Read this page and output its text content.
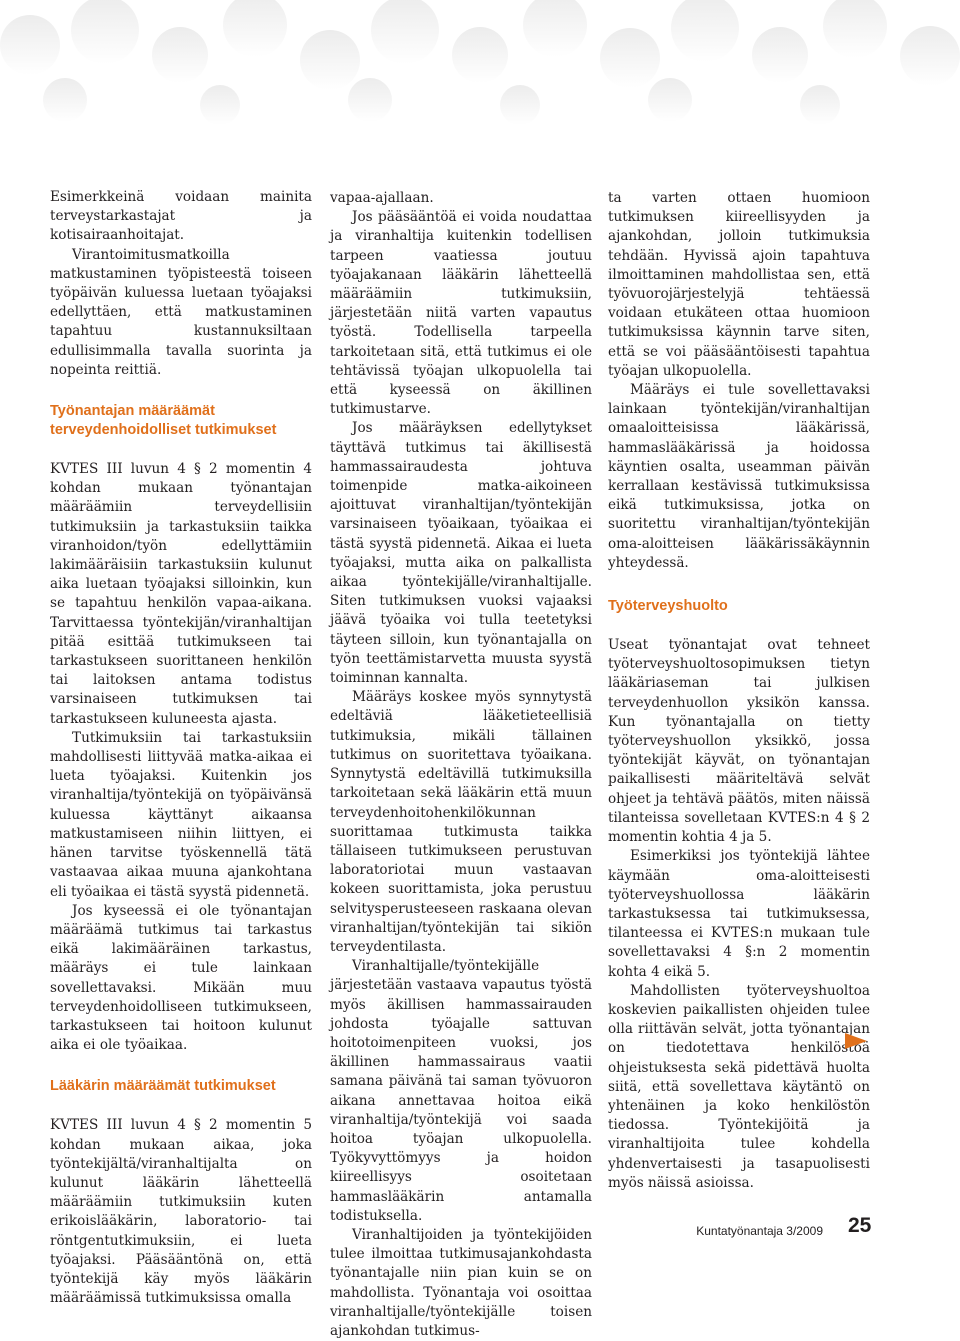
Esimerkkeinä voidaan mainita terveystarkastajat ja kotisairaanhoitajat.

Virantoimitusmatkoilla matkustaminen työpisteestä toiseen työpäivän kuluessa luetaan työajaksi edellyttäen, että matkustaminen tapahtuu kustannuksiltaan edullisimmalla tavalla suorinta ja nopeinta reittiä.

Työnantajan määräämät terveydenhoidolliset tutkimukset

KVTES III luvun 4 § 2 momentin 4 kohdan mukaan työnantajan määräämiin terveydellisiin tutkimuksiin ja tarkastuksiin taikka viranhoidon/työn edellyttämiin lakimääräisiin tarkastuksiin kulunut aika luetaan työajaksi silloinkin, kun se tapahtuu henkilön vapaa-aikana. Tarvittaessa työntekijän/viranhaltijan pitää esittää tutkimukseen tai tarkastukseen suorittaneen henkilön tai laitoksen antama todistus varsinaiseen tutkimuksen tai tarkastukseen kuluneesta ajasta.

Tutkimuksiin tai tarkastuksiin mahdollisesti liittyvää matka-aikaa ei lueta työajaksi. Kuitenkin jos viranhaltija/työntekijä on työpäivänsä kuluessa käyttänyt aikaansa matkustamiseen niihin liittyen, ei hänen tarvitse työskennellä tätä vastaavaa aikaa muuna ajankohtana eli työaikaa ei tästä syystä pidennetä.

Jos kyseessä ei ole työnantajan määräämä tutkimus tai tarkastus eikä lakimääräinen tarkastus, määräys ei tule lainkaan sovellettavaksi. Mikään muu terveydenhoidolliseen tutkimukseen, tarkastukseen tai hoitoon kulunut aika ei ole työaikaa.

Lääkärin määräämät tutkimukset

KVTES III luvun 4 § 2 momentin 5 kohdan mukaan aikaa, joka työntekijältä/viranhaltijalta on kulunut lääkärin lähetteellä määräämiin tutkimuksiin kuten erikoislääkärin, laboratorio- tai röntgentutkimuksiin, ei lueta työajaksi. Pääsääntönä on, että työntekijä käy myös lääkärin määräämissä tutkimuksissa omalla

vapaa-ajallaan.

Jos pääsääntöä ei voida noudattaa ja viranhaltija kuitenkin todellisen tarpeen vaatiessa joutuu työajakanaan lääkärin lähetteellä määräämiin tutkimuksiin, järjestetään niitä varten vapautus työstä. Todellisella tarpeella tarkoitetaan sitä, että tutkimus ei ole tehtävissä työajan ulkopuolella tai että kyseessä on äkillinen tutkimustarve.

Jos määräyksen edellytykset täyttävä tutkimus tai äkillisestä hammassairaudesta johtuva toimenpide matka-aikoineen ajoittuvat viranhaltijan/työntekijän varsinaiseen työaikaan, työaikaa ei tästä syystä pidennetä. Aikaa ei lueta työajaksi, mutta aika on palkallista aikaa työntekijälle/viranhaltijalle. Siten tutkimuksen vuoksi vajaaksi jäävä työaika voi tulla teetetyksi täyteen silloin, kun työnantajalla on työn teettämistarvetta muusta syystä toiminnan kannalta.

Määräys koskee myös synnytystä edeltäviä lääketieteellisiä tutkimuksia, mikäli tällainen tutkimus on suoritettava työaikana. Synnytystä edeltävillä tutkimuksilla tarkoitetaan sekä lääkärin että muun terveydenhoitohenkilökunnan suorittamaa tutkimusta taikka tällaiseen tutkimukseen perustuvan laboratoriotai muun vastaavan kokeen suorittamista, joka perustuu selvitysperusteeseen raskaana olevan viranhaltijan/työntekijän tai sikiön terveydentilasta.

Viranhaltijalle/työntekijälle järjestetään vastaava vapautus työstä myös äkillisen hammassairauden johdosta työajalle sattuvan hoitotoimenpiteen vuoksi, jos äkillinen hammassairaus vaatii samana päivänä tai saman työvuoron aikana annettavaa hoitoa eikä viranhaltija/työntekijä voi saada hoitoa työajan ulkopuolella. Työkyvyttömyys ja hoidon kiireellisyys osoitetaan hammaslääkärin antamalla todistuksella.

Viranhaltijoiden ja työntekijöiden tulee ilmoittaa tutkimusajankohdasta työnantajalle niin pian kuin se on mahdollista. Työnantaja voi osoittaa viranhaltijalle/työntekijälle toisen ajankohdan tutkimus-

ta varten ottaen huomioon tutkimuksen kiireellisyyden ja ajankohdan, jolloin tutkimuksia tehdään. Hyvissä ajoin tapahtuva ilmoittaminen mahdollistaa sen, että työvuorojärjestelyjä tehtäessä voidaan etukäteen ottaa huomioon tutkimuksissa käynnin tarve siten, että se voi pääsääntöisesti tapahtua työajan ulkopuolella.

Määräys ei tule sovellettavaksi lainkaan työntekijän/viranhaltijan omaaloitteisissa lääkärissä, hammaslääkärissä ja hoidossa käyntien osalta, useamman päivän kerrallaan kestävissä tutkimuksissa eikä tutkimuksissa, jotka on suoritettu viranhaltijan/työntekijän oma-aloitteisen lääkärissäkäynnin yhteydessä.

Työterveyshuolto

Useat työnantajat ovat tehneet työterveyshuoltosopimuksen tietyn lääkäriaseman tai julkisen terveydenhuollon yksikön kanssa. Kun työnantajalla on tietty työterveyshuollon yksikkö, jossa työntekijät käyvät, on työnantajan paikallisesti määriteltävä selvät ohjeet ja tehtävä päätös, miten näissä tilanteissa sovelletaan KVTES:n 4 § 2 momentin kohtia 4 ja 5.

Esimerkiksi jos työntekijä lähtee käymään oma-aloitteisesti työterveyshuollossa lääkärin tarkastuksessa tai tutkimuksessa, tilanteessa ei KVTES:n mukaan tule sovellettavaksi 4 §:n 2 momentin kohta 4 eikä 5.

Mahdollisten työterveyshuoltoa koskevien paikallisten ohjeiden tulee olla riittävän selvät, jotta työnantajan on tiedotettava henkilöstöä ohjeistuksesta sekä pidettävä huolta siitä, että sovellettava käytäntö on yhtenäinen ja koko henkilöstön tiedossa. Työntekijöitä ja viranhaltijoita tulee kohdella yhdenvertaisesti ja tasapuolisesti myös näissä asioissa.

Kuntatyönantaja 3/2009 25
